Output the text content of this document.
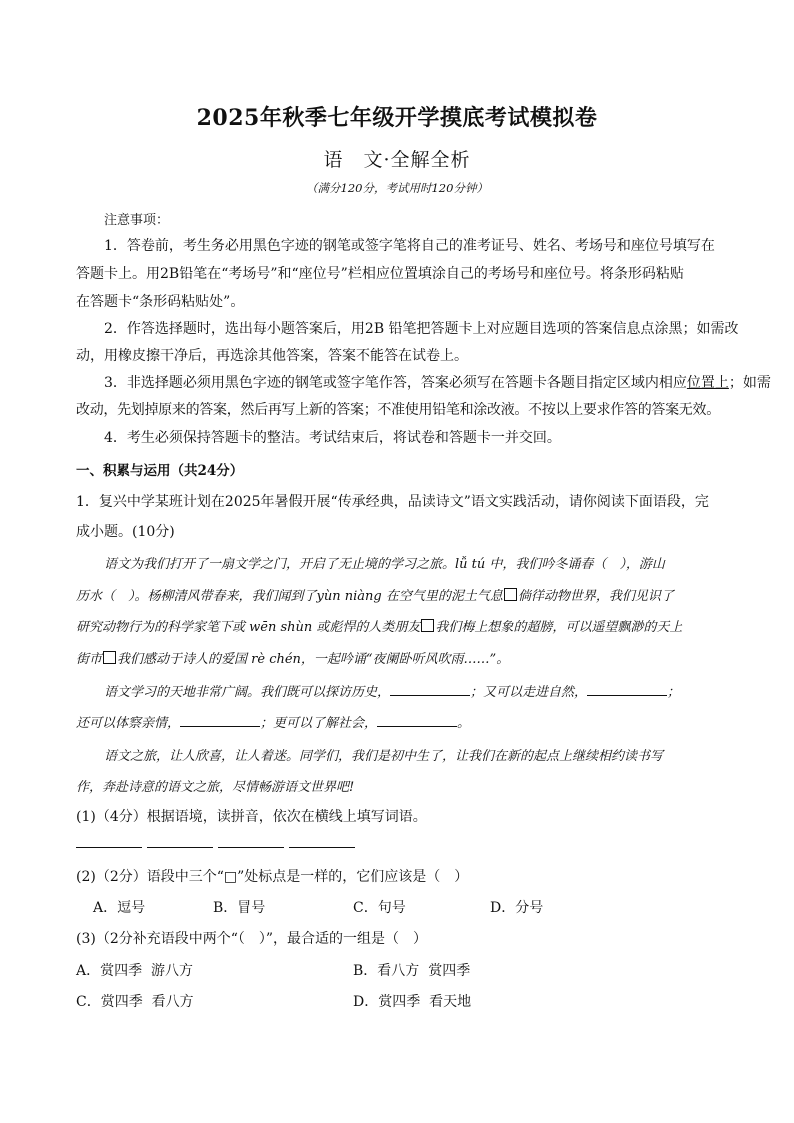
2025年秋季七年级开学摸底考试模拟卷
语　文·全解全析
（满分120分，考试用时120分钟）
注意事项：
1．答卷前，考生务必用黑色字迹的钢笔或签字笔将自己的准考证号、姓名、考场号和座位号填写在
答题卡上。用2B铅笔在“考场号”和“座位号”栏相应位置填涂自己的考场号和座位号。将条形码粘贴
在答题卡“条形码粘贴处”。
2．作答选择题时，选出每小题答案后，用2B 铅笔把答题卡上对应题目选项的答案信息点涂黑；如需改
动，用橡皮擦干净后，再选涂其他答案，答案不能答在试卷上。
3．非选择题必须用黑色字迹的钢笔或签字笔作答，答案必须写在答题卡各题目指定区域内相应位置上；如需
改动，先划掉原来的答案，然后再写上新的答案；不准使用铅笔和涂改液。不按以上要求作答的答案无效。
4．考生必须保持答题卡的整洁。考试结束后，将试卷和答题卡一并交回。
一、积累与运用（共24分）
1．复兴中学某班计划在2025年暑假开展“传承经典，品读诗文”语文实践活动，请你阅读下面语段，完
成小题。(10分)
语文为我们打开了一扇文学之门，开启了无止境的学习之旅。lǚ tú 中，我们吟冬诵春（　），游山
历水（　）。杨柳清风带春来，我们闻到了yùn niàng 在空气里的泥土气息 倘徉动物世界，我们见识了
研究动物行为的科学家笔下或 wēn shùn 或彪悍的人类朋友 我们梅上想象的超膀，可以遥望飘渺的天上
街市 我们感动于诗人的爱国 rè chén，一起吟诵“夜阑卧听风吹雨……”。
语文学习的天地非常广阔。我们既可以探访历史，	；又可以走进自然，	；
还可以体察亲情，	；更可以了解社会，	。
语文之旅，让人欣喜，让人着迷。同学们，我们是初中生了，让我们在新的起点上继续相约读书写
作，奔赴诗意的语文之旅，尽情畅游语文世界吧!
(1)（4分）根据语境，读拼音，依次在横线上填写词语。
(2)（2分）语段中三个“□”处标点是一样的，它们应该是（　）
A．逗号	B．冒号	C．句号	D．分号
(3)（2分补充语段中两个“（　）”，最合适的一组是（　）
A．赏四季  游八方	B．看八方  赏四季
C．赏四季  看八方	D．赏四季  看天地
